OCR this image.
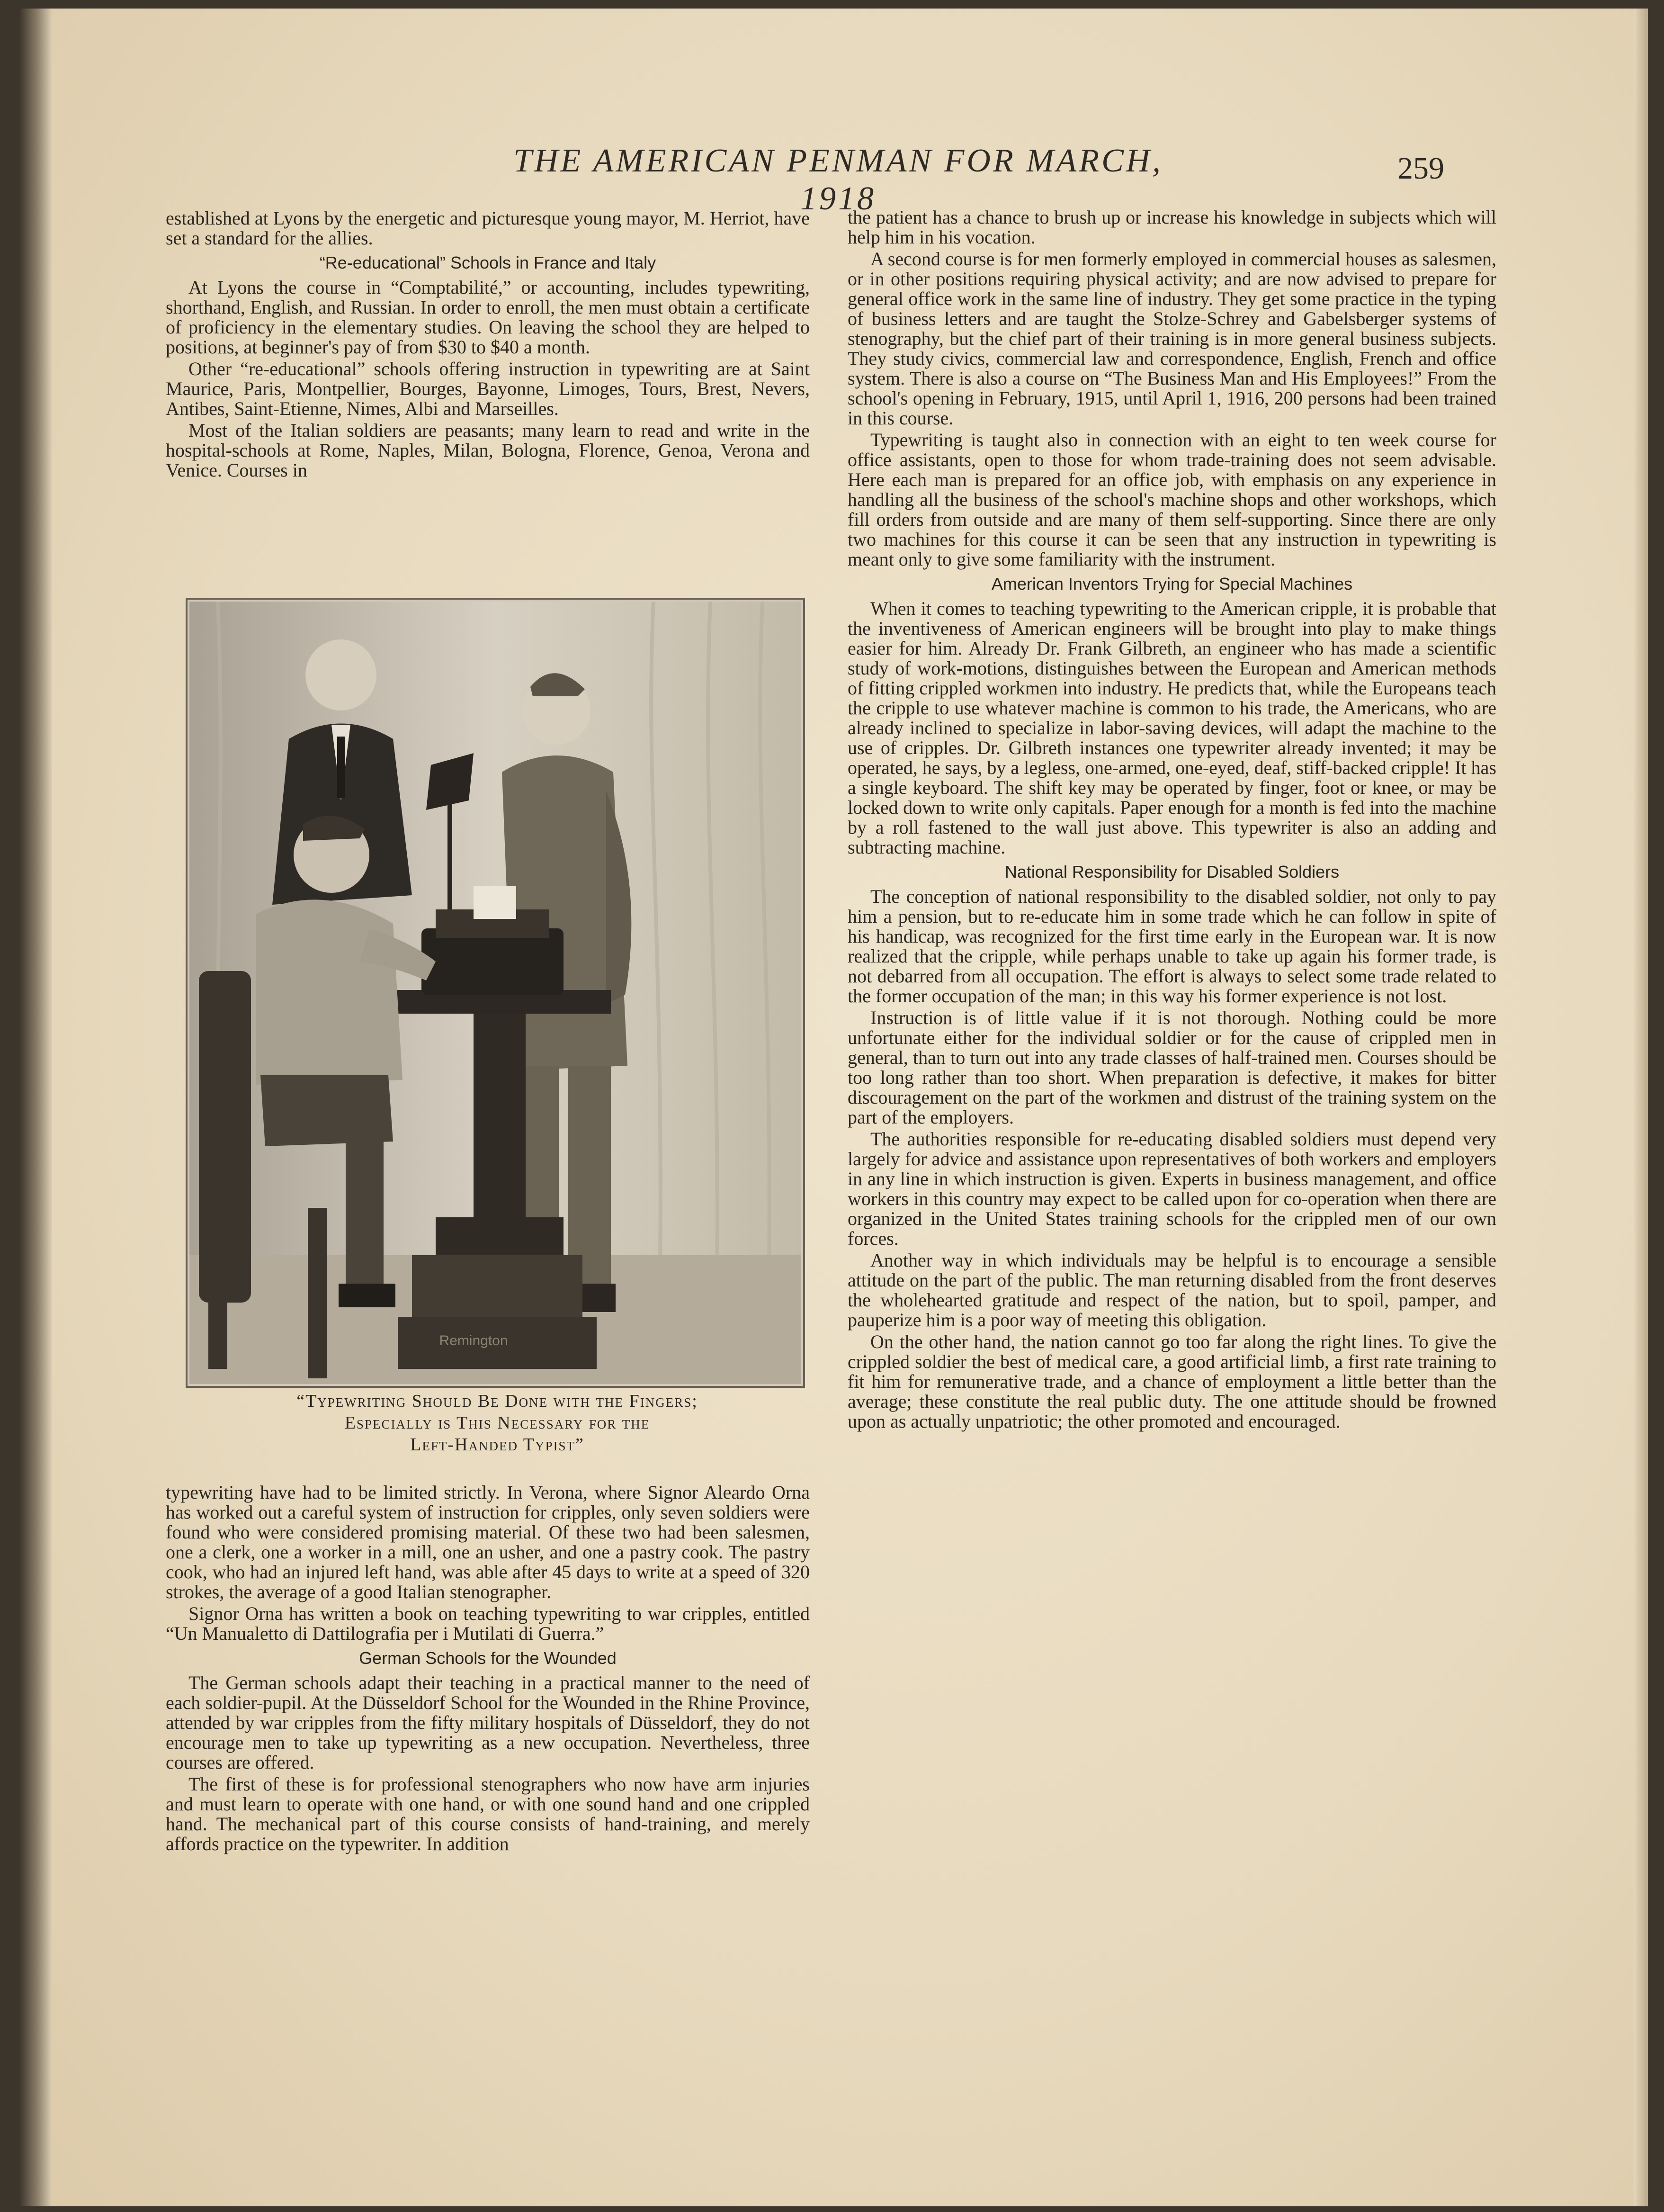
THE AMERICAN PENMAN FOR MARCH, 1918
259

established at Lyons by the energetic and picturesque young mayor, M. Herriot, have set a standard for the allies.

“Re-educational” Schools in France and Italy

At Lyons the course in “Comptabilité,” or accounting, includes typewriting, shorthand, English, and Russian. In order to enroll, the men must obtain a certificate of proficiency in the elementary studies. On leaving the school they are helped to positions, at beginner's pay of from $30 to $40 a month.

Other “re-educational” schools offering instruction in typewriting are at Saint Maurice, Paris, Montpellier, Bourges, Bayonne, Limoges, Tours, Brest, Nevers, Antibes, Saint-Etienne, Nimes, Albi and Marseilles.

Most of the Italian soldiers are peasants; many learn to read and write in the hospital-schools at Rome, Naples, Milan, Bologna, Florence, Genoa, Verona and Venice. Courses in

Remington
“Typewriting Should Be Done with the Fingers;
Especially is This Necessary for the
Left-Handed Typist”

typewriting have had to be limited strictly. In Verona, where Signor Aleardo Orna has worked out a careful system of instruction for cripples, only seven soldiers were found who were considered promising material. Of these two had been salesmen, one a clerk, one a worker in a mill, one an usher, and one a pastry cook. The pastry cook, who had an injured left hand, was able after 45 days to write at a speed of 320 strokes, the average of a good Italian stenographer.

Signor Orna has written a book on teaching typewriting to war cripples, entitled “Un Manualetto di Dattilografia per i Mutilati di Guerra.”

German Schools for the Wounded

The German schools adapt their teaching in a practical manner to the need of each soldier-pupil. At the Düsseldorf School for the Wounded in the Rhine Province, attended by war cripples from the fifty military hospitals of Düsseldorf, they do not encourage men to take up typewriting as a new occupation. Nevertheless, three courses are offered.

The first of these is for professional stenographers who now have arm injuries and must learn to operate with one hand, or with one sound hand and one crippled hand. The mechanical part of this course consists of hand-training, and merely affords practice on the typewriter. In addition

the patient has a chance to brush up or increase his knowledge in subjects which will help him in his vocation.

A second course is for men formerly employed in commercial houses as salesmen, or in other positions requiring physical activity; and are now advised to prepare for general office work in the same line of industry. They get some practice in the typing of business letters and are taught the Stolze-Schrey and Gabelsberger systems of stenography, but the chief part of their training is in more general business subjects. They study civics, commercial law and correspondence, English, French and office system. There is also a course on “The Business Man and His Employees!” From the school's opening in February, 1915, until April 1, 1916, 200 persons had been trained in this course.

Typewriting is taught also in connection with an eight to ten week course for office assistants, open to those for whom trade-training does not seem advisable. Here each man is prepared for an office job, with emphasis on any experience in handling all the business of the school's machine shops and other workshops, which fill orders from outside and are many of them self-supporting. Since there are only two machines for this course it can be seen that any instruction in typewriting is meant only to give some familiarity with the instrument.

American Inventors Trying for Special Machines

When it comes to teaching typewriting to the American cripple, it is probable that the inventiveness of American engineers will be brought into play to make things easier for him. Already Dr. Frank Gilbreth, an engineer who has made a scientific study of work-motions, distinguishes between the European and American methods of fitting crippled workmen into industry. He predicts that, while the Europeans teach the cripple to use whatever machine is common to his trade, the Americans, who are already inclined to specialize in labor-saving devices, will adapt the machine to the use of cripples. Dr. Gilbreth instances one typewriter already invented; it may be operated, he says, by a legless, one-armed, one-eyed, deaf, stiff-backed cripple! It has a single keyboard. The shift key may be operated by finger, foot or knee, or may be locked down to write only capitals. Paper enough for a month is fed into the machine by a roll fastened to the wall just above. This typewriter is also an adding and subtracting machine.

National Responsibility for Disabled Soldiers

The conception of national responsibility to the disabled soldier, not only to pay him a pension, but to re-educate him in some trade which he can follow in spite of his handicap, was recognized for the first time early in the European war. It is now realized that the cripple, while perhaps unable to take up again his former trade, is not debarred from all occupation. The effort is always to select some trade related to the former occupation of the man; in this way his former experience is not lost.

Instruction is of little value if it is not thorough. Nothing could be more unfortunate either for the individual soldier or for the cause of crippled men in general, than to turn out into any trade classes of half-trained men. Courses should be too long rather than too short. When preparation is defective, it makes for bitter discouragement on the part of the workmen and distrust of the training system on the part of the employers.

The authorities responsible for re-educating disabled soldiers must depend very largely for advice and assistance upon representatives of both workers and employers in any line in which instruction is given. Experts in business management, and office workers in this country may expect to be called upon for co-operation when there are organized in the United States training schools for the crippled men of our own forces.

Another way in which individuals may be helpful is to encourage a sensible attitude on the part of the public. The man returning disabled from the front deserves the wholehearted gratitude and respect of the nation, but to spoil, pamper, and pauperize him is a poor way of meeting this obligation.

On the other hand, the nation cannot go too far along the right lines. To give the crippled soldier the best of medical care, a good artificial limb, a first rate training to fit him for remunerative trade, and a chance of employment a little better than the average; these constitute the real public duty. The one attitude should be frowned upon as actually unpatriotic; the other promoted and encouraged.
